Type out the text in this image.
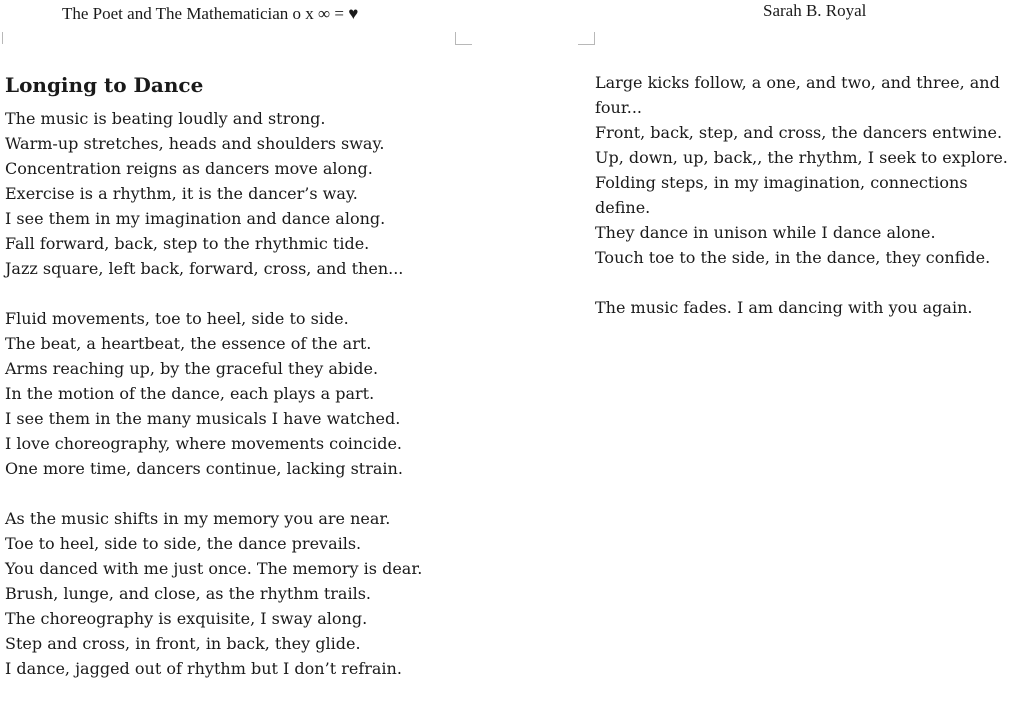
The Poet and The Mathematician o x ∞ = ♥	Sarah B. Royal
Longing to Dance
The music is beating loudly and strong.
Warm-up stretches, heads and shoulders sway.
Concentration reigns as dancers move along.
Exercise is a rhythm, it is the dancer’s way.
I see them in my imagination and dance along.
Fall forward, back, step to the rhythmic tide.
Jazz square, left back, forward, cross, and then...
Fluid movements, toe to heel, side to side.
The beat, a heartbeat, the essence of the art.
Arms reaching up, by the graceful they abide.
In the motion of the dance, each plays a part.
I see them in the many musicals I have watched.
I love choreography, where movements coincide.
One more time, dancers continue, lacking strain.
As the music shifts in my memory you are near.
Toe to heel, side to side, the dance prevails.
You danced with me just once. The memory is dear.
Brush, lunge, and close, as the rhythm trails.
The choreography is exquisite, I sway along.
Step and cross, in front, in back, they glide.
I dance, jagged out of rhythm but I don’t refrain.
Large kicks follow, a one, and two, and three, and four...
Front, back, step, and cross, the dancers entwine.
Up, down, up, back,, the rhythm, I seek to explore.
Folding steps, in my imagination, connections define.
They dance in unison while I dance alone.
Touch toe to the side, in the dance, they confide.
The music fades. I am dancing with you again.
